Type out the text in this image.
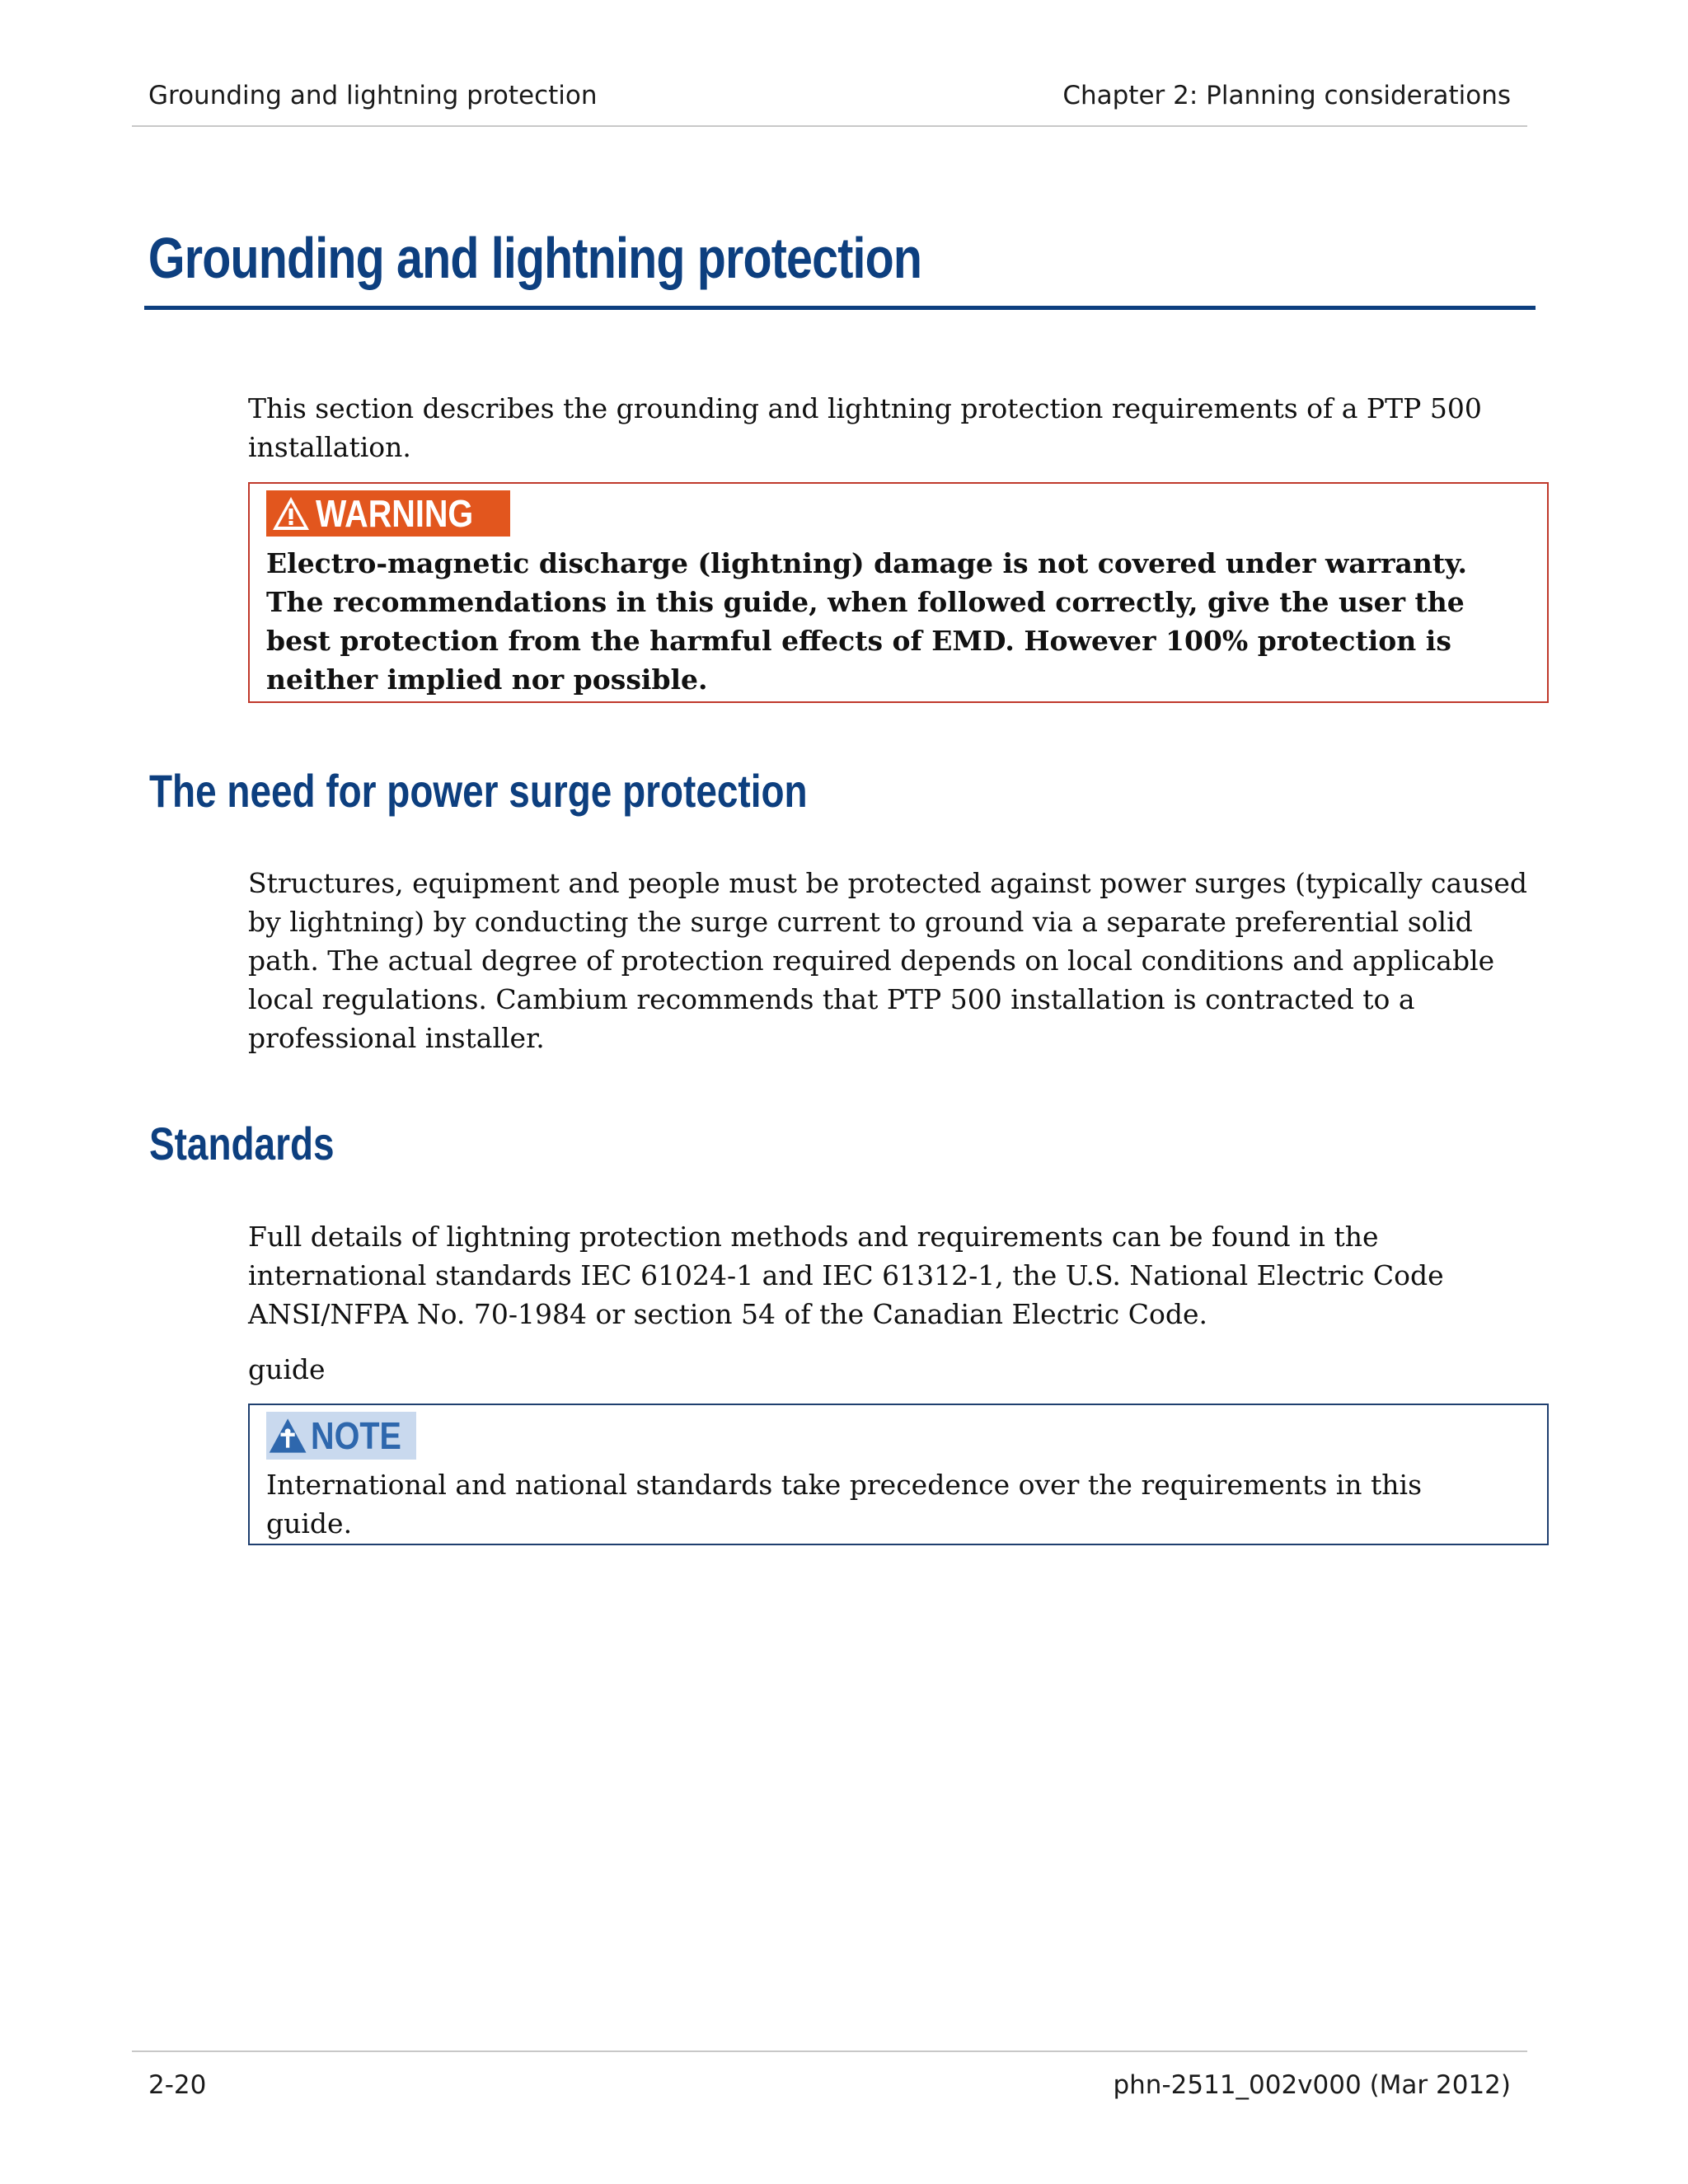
Grounding and lightning protection	Chapter 2: Planning considerations
Grounding and lightning protection

This section describes the grounding and lightning protection requirements of a PTP 500 installation.

WARNING

Electro-magnetic discharge (lightning) damage is not covered under warranty. The recommendations in this guide, when followed correctly, give the user the best protection from the harmful effects of EMD. However 100% protection is neither implied nor possible.

The need for power surge protection

Structures, equipment and people must be protected against power surges (typically caused by lightning) by conducting the surge current to ground via a separate preferential solid path. The actual degree of protection required depends on local conditions and applicable local regulations. Cambium recommends that PTP 500 installation is contracted to a professional installer.

Standards

Full details of lightning protection methods and requirements can be found in the international standards IEC 61024-1 and IEC 61312-1, the U.S. National Electric Code ANSI/NFPA No. 70-1984 or section 54 of the Canadian Electric Code.

guide

NOTE

International and national standards take precedence over the requirements in this guide.

2-20	phn-2511_002v000 (Mar 2012)
